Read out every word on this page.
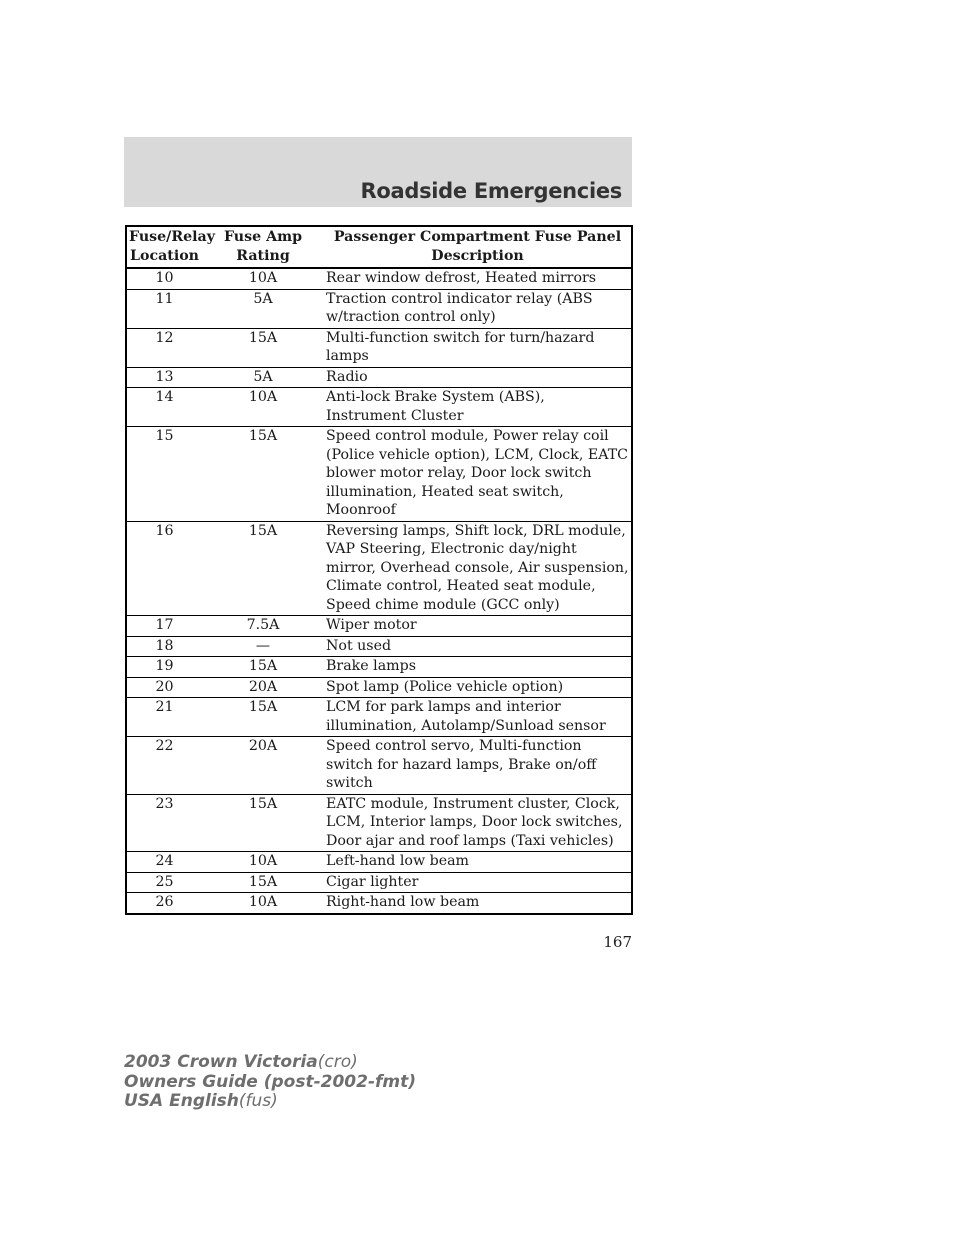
Roadside Emergencies
Fuse/Relay Location	Fuse Amp Rating	Passenger Compartment Fuse Panel Description
10	10A	Rear window defrost, Heated mirrors
11	5A	Traction control indicator relay (ABS w/traction control only)
12	15A	Multi-function switch for turn/hazard lamps
13	5A	Radio
14	10A	Anti-lock Brake System (ABS), Instrument Cluster
15	15A	Speed control module, Power relay coil (Police vehicle option), LCM, Clock, EATC blower motor relay, Door lock switch illumination, Heated seat switch, Moonroof
16	15A	Reversing lamps, Shift lock, DRL module, VAP Steering, Electronic day/night mirror, Overhead console, Air suspension, Climate control, Heated seat module, Speed chime module (GCC only)
17	7.5A	Wiper motor
18	—	Not used
19	15A	Brake lamps
20	20A	Spot lamp (Police vehicle option)
21	15A	LCM for park lamps and interior illumination, Autolamp/Sunload sensor
22	20A	Speed control servo, Multi-function switch for hazard lamps, Brake on/off switch
23	15A	EATC module, Instrument cluster, Clock, LCM, Interior lamps, Door lock switches, Door ajar and roof lamps (Taxi vehicles)
24	10A	Left-hand low beam
25	15A	Cigar lighter
26	10A	Right-hand low beam
167
2003 Crown Victoria(cro)
Owners Guide (post-2002-fmt)
USA English(fus)
